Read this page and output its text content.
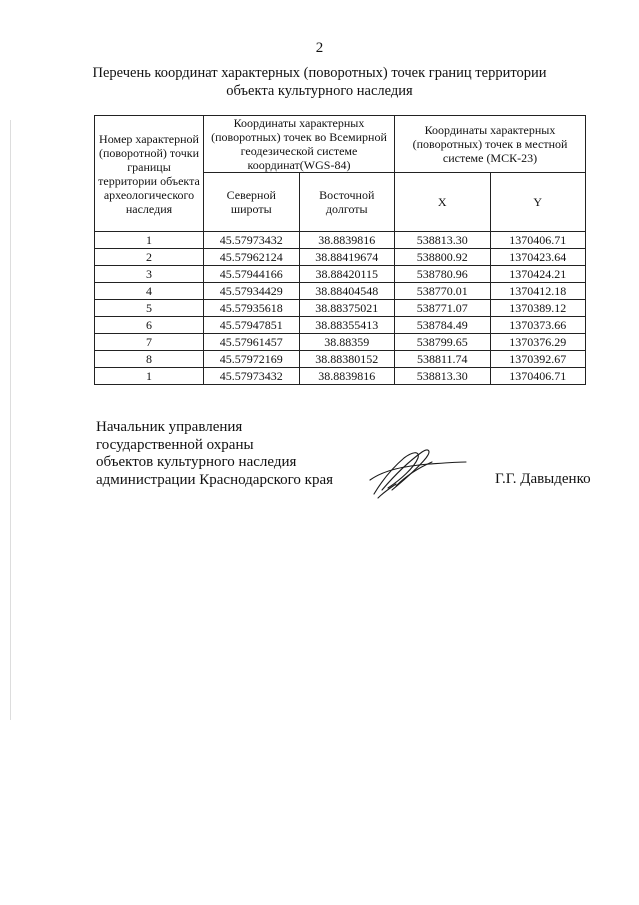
2
Перечень координат характерных (поворотных) точек границ территории
объекта культурного наследия
Номер характерной (поворотной) точки границы территории объекта археологического наследия	Координаты характерных (поворотных) точек во Всемирной геодезической системе координат(WGS-84)		Координаты характерных (поворотных) точек в местной системе (МСК-23)	
	Северной широты	Восточной долготы	X	Y
1	45.57973432	38.8839816	538813.30	1370406.71
2	45.57962124	38.88419674	538800.92	1370423.64
3	45.57944166	38.88420115	538780.96	1370424.21
4	45.57934429	38.88404548	538770.01	1370412.18
5	45.57935618	38.88375021	538771.07	1370389.12
6	45.57947851	38.88355413	538784.49	1370373.66
7	45.57961457	38.88359	538799.65	1370376.29
8	45.57972169	38.88380152	538811.74	1370392.67
1	45.57973432	38.8839816	538813.30	1370406.71
Начальник управления
государственной охраны
объектов культурного наследия
администрации Краснодарского края	Г.Г. Давыденко
